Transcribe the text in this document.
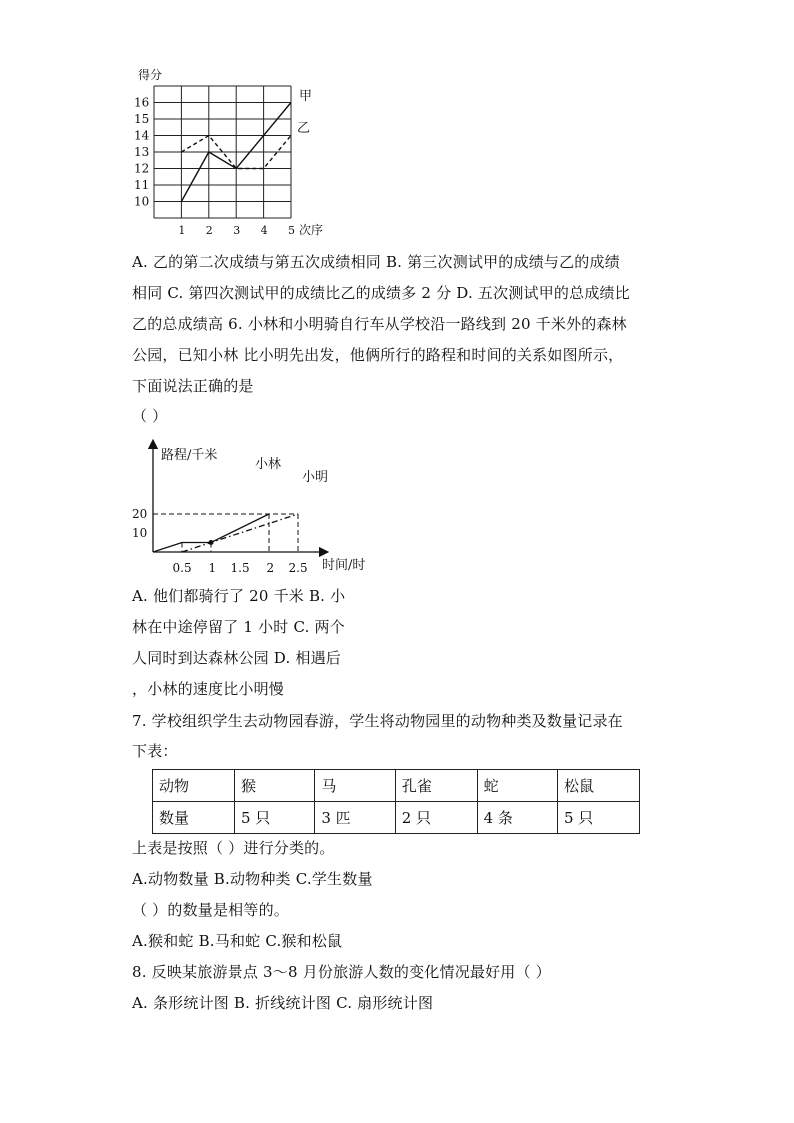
得分
16
15
14
13
12
11
10
1 2 3 4 5 次序
甲
乙
A. 乙的第二次成绩与第五次成绩相同 B. 第三次测试甲的成绩与乙的成绩
相同 C. 第四次测试甲的成绩比乙的成绩多 2 分 D. 五次测试甲的总成绩比
乙的总成绩高 6. 小林和小明骑自行车从学校沿一路线到 20 千米外的森林
公园，已知小林 比小明先出发，他俩所行的路程和时间的关系如图所示，
下面说法正确的是
（ ）
20
10
0.5 1 1.5 2 2.5
路程/千米
时间/时
小林
小明
A. 他们都骑行了 20 千米 B. 小
林在中途停留了 1 小时 C. 两个
人同时到达森林公园 D. 相遇后
，小林的速度比小明慢
7. 学校组织学生去动物园春游，学生将动物园里的动物种类及数量记录在
下表：
动物	猴	马	孔雀	蛇	松鼠
数量	5 只	3 匹	2 只	4 条	5 只
上表是按照（ ）进行分类的。
A.动物数量 B.动物种类 C.学生数量
（ ）的数量是相等的。
A.猴和蛇 B.马和蛇 C.猴和松鼠
8. 反映某旅游景点 3～8 月份旅游人数的变化情况最好用（ ）
A. 条形统计图 B. 折线统计图 C. 扇形统计图
